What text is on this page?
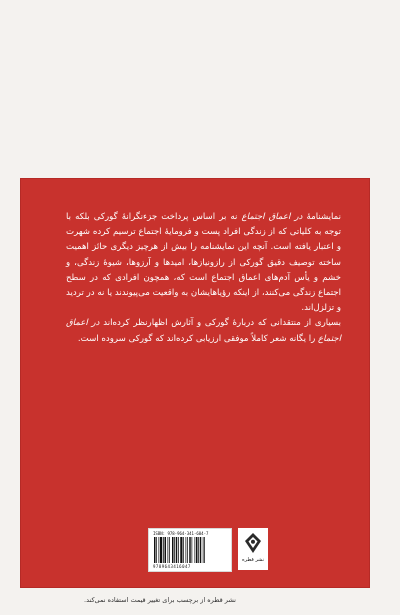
نمایشنامهٔ در اعماق اجتماع نه بر اساس پرداخت جزءنگرانهٔ گورکی بلکه با توجه به کلیاتی که از زندگی افراد پست و فرومایهٔ اجتماع ترسیم کرده شهرت و اعتبار یافته است. آنچه این نمایشنامه را بیش از هرچیز دیگری حائز اهمیت ساخته توصیف دقیق گورکی از رازونیازها، امیدها و آرزوها، شیوهٔ زندگی، و خشم و یأس آدم‌های اعماق اجتماع است که، همچون افرادی که در سطح اجتماع زندگی می‌کنند، از اینکه رؤیاهایشان به واقعیت می‌پیوندند یا نه در تردید و تزلزل‌اند.

بسیاری از منتقدانی که دربارهٔ گورکی و آثارش اظهارنظر کرده‌اند در اعماق اجتماع را یگانه شعر کاملاً موفقی ارزیابی کرده‌اند که گورکی سروده است.

ISBN: 978-964-341-604-7
9789643416047
نشر قطره
نشر قطره از برچسب برای تغییر قیمت استفاده نمی‌کند.
